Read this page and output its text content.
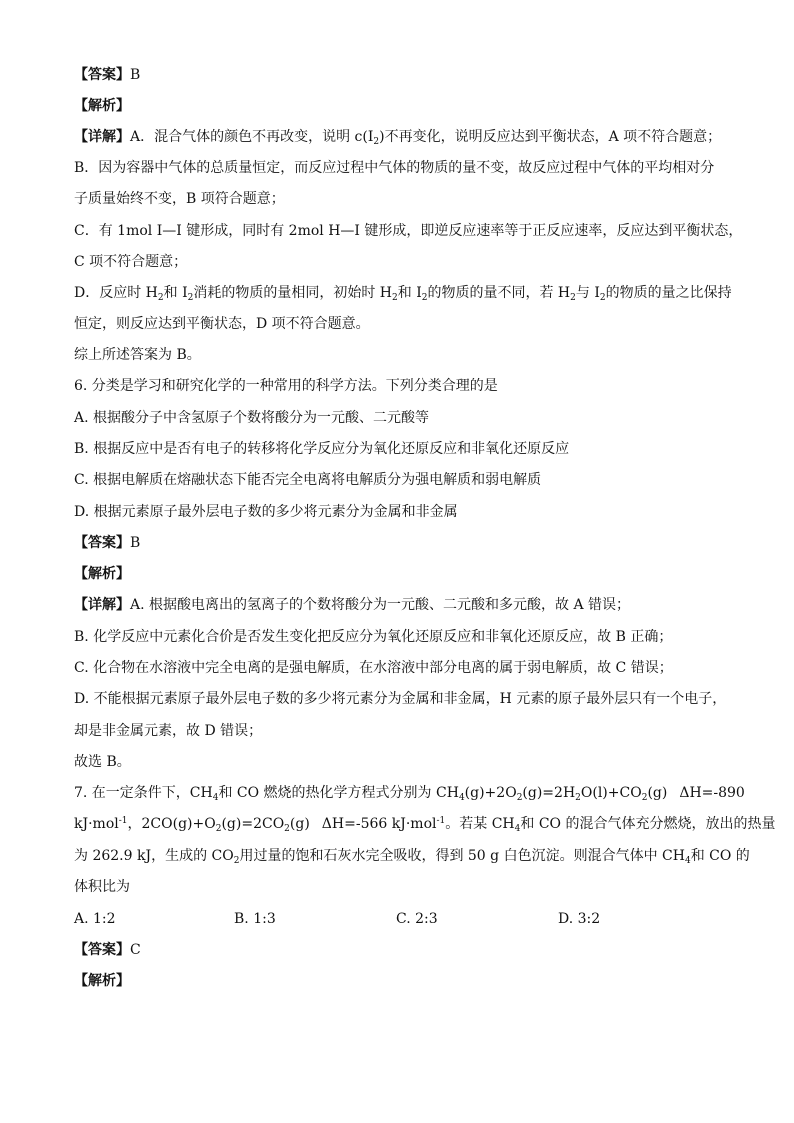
【答案】B
【解析】
【详解】A．混合气体的颜色不再改变，说明 $c(I_2)$不再变化，说明反应达到平衡状态，A 项不符合题意；
B．因为容器中气体的总质量恒定，而反应过程中气体的物质的量不变，故反应过程中气体的平均相对分
子质量始终不变，B 项符合题意；
C．有 1mol I—I 键形成，同时有 2mol H—I 键形成，即逆反应速率等于正反应速率，反应达到平衡状态，
C 项不符合题意；
D．反应时 $H_2$和 $I_2$消耗的物质的量相同，初始时 $H_2$和 $I_2$的物质的量不同，若 $H_2$与 $I_2$的物质的量之比保持
恒定，则反应达到平衡状态，D 项不符合题意。
综上所述答案为 B。
6. 分类是学习和研究化学的一种常用的科学方法。下列分类合理的是
A. 根据酸分子中含氢原子个数将酸分为一元酸、二元酸等
B. 根据反应中是否有电子的转移将化学反应分为氧化还原反应和非氧化还原反应
C. 根据电解质在熔融状态下能否完全电离将电解质分为强电解质和弱电解质
D. 根据元素原子最外层电子数的多少将元素分为金属和非金属
【答案】B
【解析】
【详解】A. 根据酸电离出的氢离子的个数将酸分为一元酸、二元酸和多元酸，故 A 错误；
B. 化学反应中元素化合价是否发生变化把反应分为氧化还原反应和非氧化还原反应，故 B 正确；
C. 化合物在水溶液中完全电离的是强电解质，在水溶液中部分电离的属于弱电解质，故 C 错误；
D. 不能根据元素原子最外层电子数的多少将元素分为金属和非金属，H 元素的原子最外层只有一个电子，
却是非金属元素，故 D 错误；
故选 B。
7. 在一定条件下，$CH_4$和 CO 燃烧的热化学方程式分别为 $CH_4(g)+2O_2(g)=2H_2O(l)+CO_2(g)$ ΔH=-890
kJ·mol$^{-1}$，$2CO(g)+O_2(g)=2CO_2(g)$ ΔH=-566 kJ·mol$^{-1}$。若某 $CH_4$和 CO 的混合气体充分燃烧，放出的热量
为 262.9 kJ，生成的 $CO_2$用过量的饱和石灰水完全吸收，得到 50 g 白色沉淀。则混合气体中 $CH_4$和 CO 的
体积比为
A. 1:2	B. 1:3	C. 2:3	D. 3:2
【答案】C
【解析】
